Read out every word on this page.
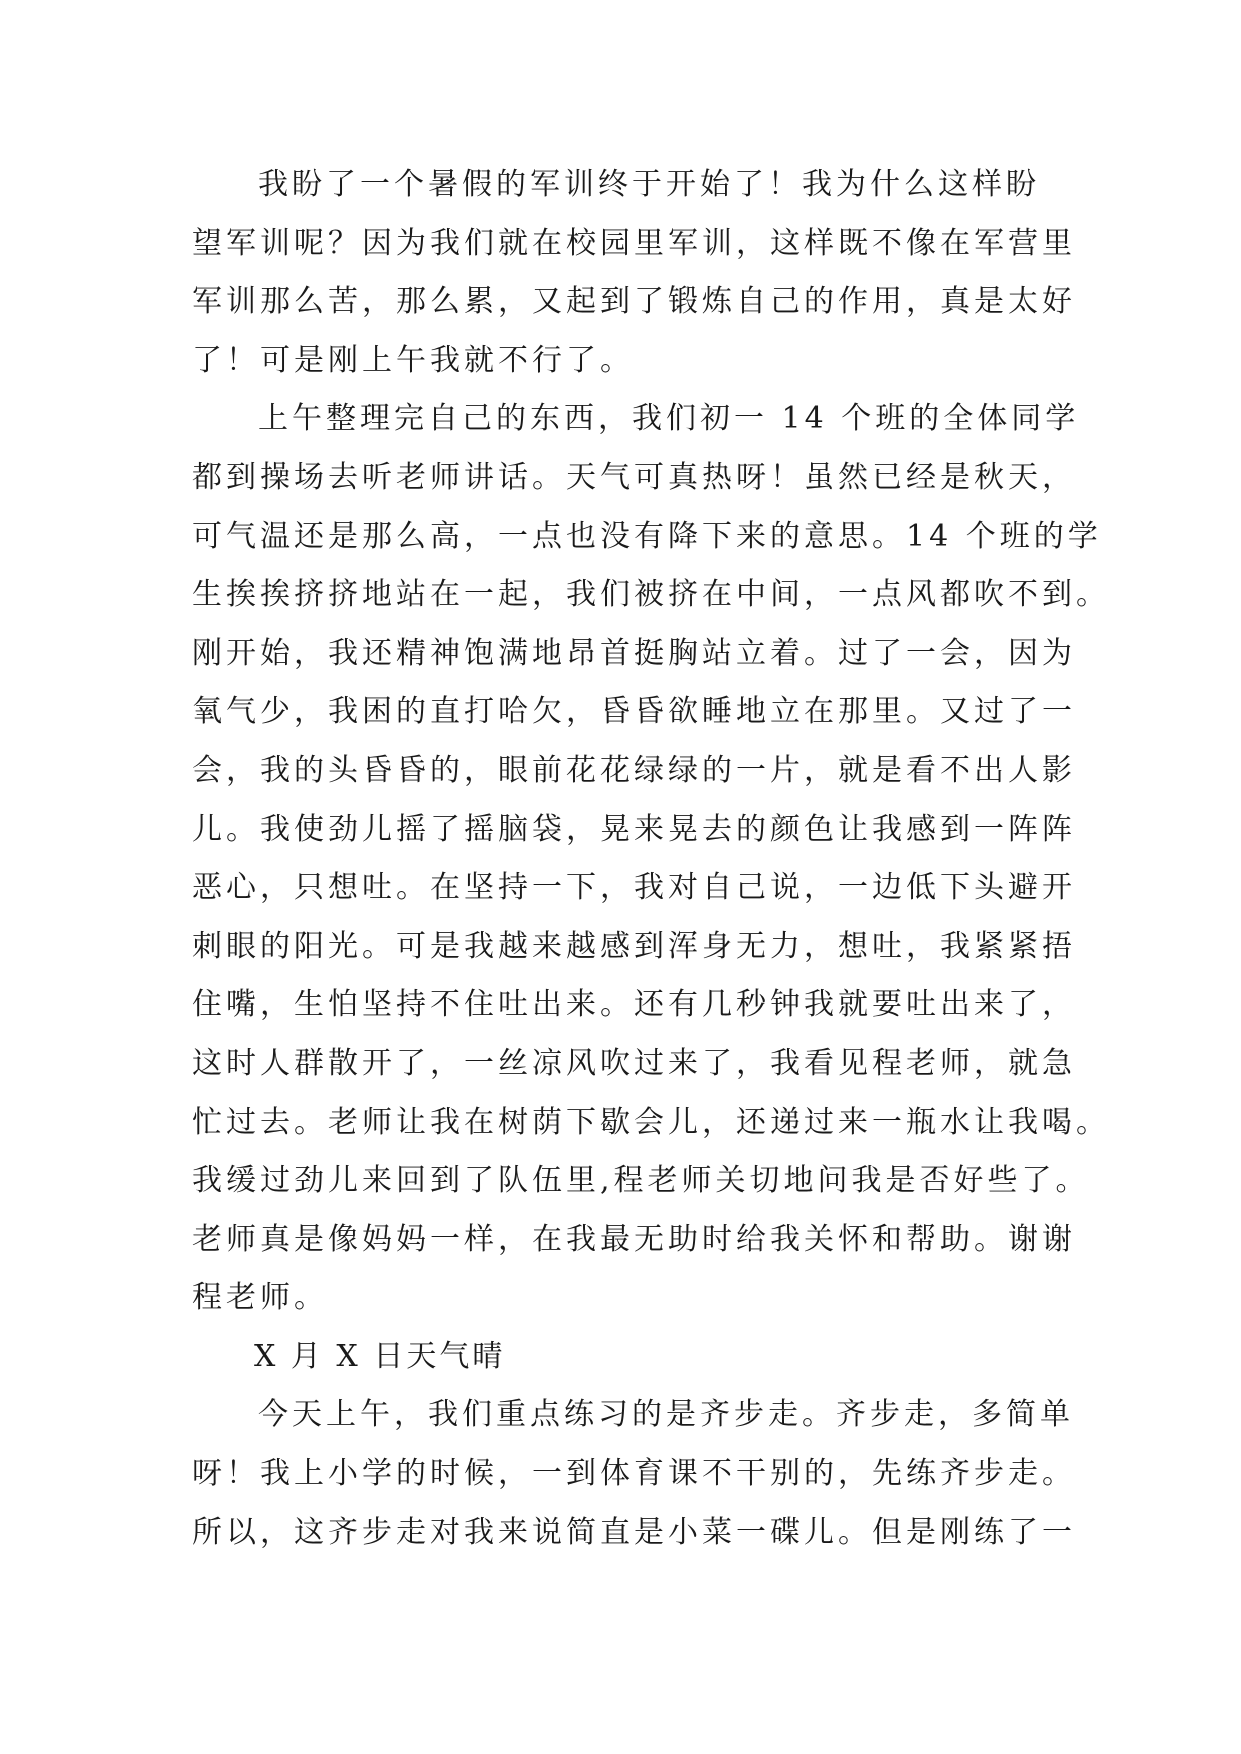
我盼了一个暑假的军训终于开始了！我为什么这样盼
望军训呢？因为我们就在校园里军训，这样既不像在军营里
军训那么苦，那么累，又起到了锻炼自己的作用，真是太好
了！可是刚上午我就不行了。
上午整理完自己的东西，我们初一 14 个班的全体同学
都到操场去听老师讲话。天气可真热呀！虽然已经是秋天，
可气温还是那么高，一点也没有降下来的意思。14 个班的学
生挨挨挤挤地站在一起，我们被挤在中间，一点风都吹不到。
刚开始，我还精神饱满地昂首挺胸站立着。过了一会，因为
氧气少，我困的直打哈欠，昏昏欲睡地立在那里。又过了一
会，我的头昏昏的，眼前花花绿绿的一片，就是看不出人影
儿。我使劲儿摇了摇脑袋，晃来晃去的颜色让我感到一阵阵
恶心，只想吐。在坚持一下，我对自己说，一边低下头避开
刺眼的阳光。可是我越来越感到浑身无力，想吐，我紧紧捂
住嘴，生怕坚持不住吐出来。还有几秒钟我就要吐出来了，
这时人群散开了，一丝凉风吹过来了，我看见程老师，就急
忙过去。老师让我在树荫下歇会儿，还递过来一瓶水让我喝。
我缓过劲儿来回到了队伍里,程老师关切地问我是否好些了。
老师真是像妈妈一样，在我最无助时给我关怀和帮助。谢谢
程老师。
X 月 X 日天气晴
今天上午，我们重点练习的是齐步走。齐步走，多简单
呀！我上小学的时候，一到体育课不干别的，先练齐步走。
所以，这齐步走对我来说简直是小菜一碟儿。但是刚练了一
